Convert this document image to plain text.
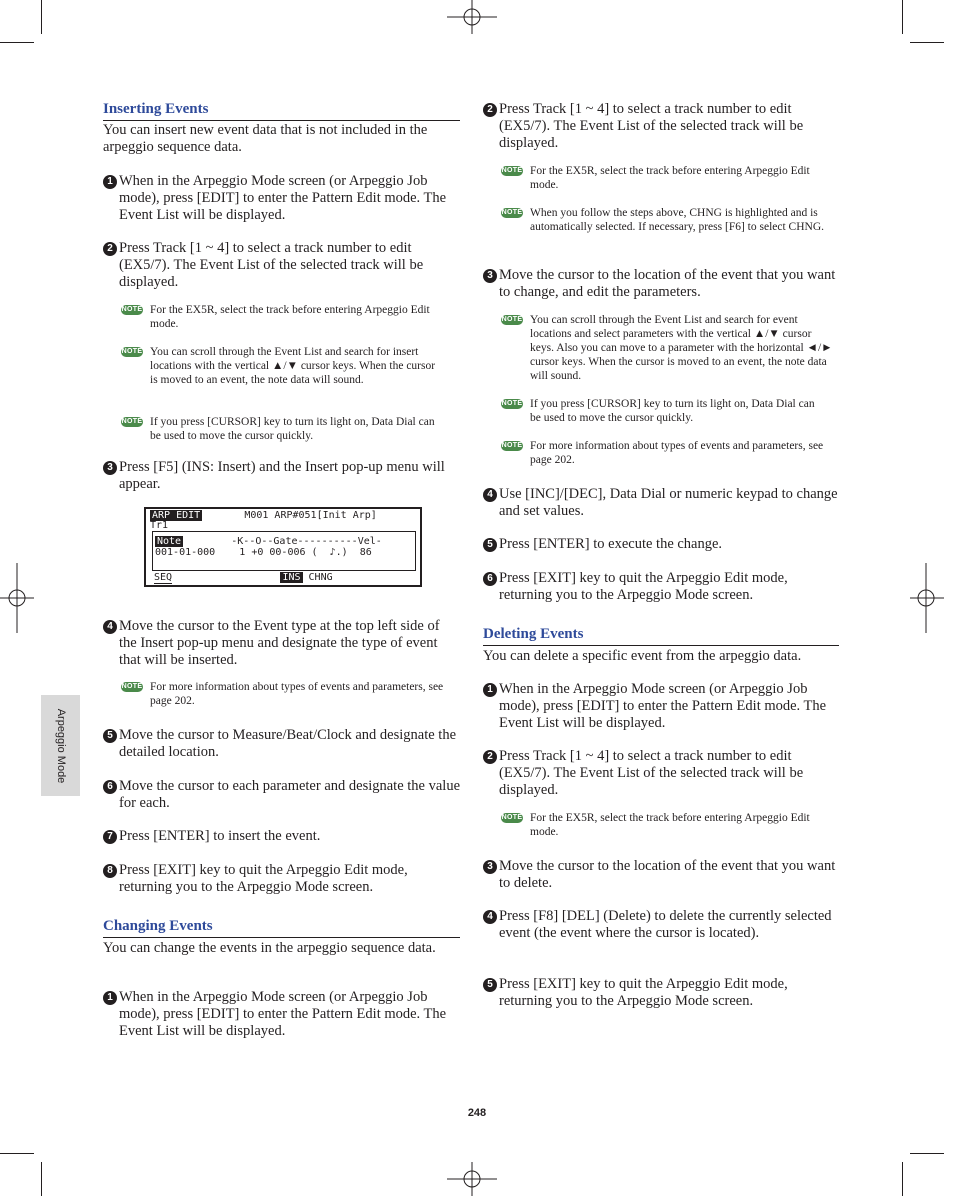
Arpeggio Mode
Inserting Events
You can insert new event data that is not included in the arpeggio sequence data.
1 When in the Arpeggio Mode screen (or Arpeggio Job mode), press [EDIT] to enter the Pattern Edit mode. The Event List will be displayed.
2 Press Track [1 ~ 4] to select a track number to edit (EX5/7). The Event List of the selected track will be displayed.
NOTE For the EX5R, select the track before entering Arpeggio Edit mode.
NOTE You can scroll through the Event List and search for insert locations with the vertical ▲/▼ cursor keys. When the cursor is moved to an event, the note data will sound.
NOTE If you press [CURSOR] key to turn its light on, Data Dial can be used to move the cursor quickly.
3 Press [F5] (INS: Insert) and the Insert pop-up menu will appear.
4 Move the cursor to the Event type at the top left side of the Insert pop-up menu and designate the type of event that will be inserted.
NOTE For more information about types of events and parameters, see page 202.
5 Move the cursor to Measure/Beat/Clock and designate the detailed location.
6 Move the cursor to each parameter and designate the value for each.
7 Press [ENTER] to insert the event.
8 Press [EXIT] key to quit the Arpeggio Edit mode, returning you to the Arpeggio Mode screen.
Changing Events
You can change the events in the arpeggio sequence data.
1 When in the Arpeggio Mode screen (or Arpeggio Job mode), press [EDIT] to enter the Pattern Edit mode. The Event List will be displayed.
ARP EDIT	M001 ARP#051[Init Arp]
Tr1
Note	-K--O--Gate----------Vel-
001-01-000    1 +0 00-006 (  ♪.)  86
SEQ	INS CHNG
2 Press Track [1 ~ 4] to select a track number to edit (EX5/7). The Event List of the selected track will be displayed.
NOTE For the EX5R, select the track before entering Arpeggio Edit mode.
NOTE When you follow the steps above, CHNG is highlighted and is automatically selected. If necessary, press [F6] to select CHNG.
3 Move the cursor to the location of the event that you want to change, and edit the parameters.
NOTE You can scroll through the Event List and search for event locations and select parameters with the vertical ▲/▼ cursor keys. Also you can move to a parameter with the horizontal ◄/► cursor keys. When the cursor is moved to an event, the note data will sound.
NOTE If you press [CURSOR] key to turn its light on, Data Dial can be used to move the cursor quickly.
NOTE For more information about types of events and parameters, see page 202.
4 Use [INC]/[DEC], Data Dial or numeric keypad to change and set values.
5 Press [ENTER] to execute the change.
6 Press [EXIT] key to quit the Arpeggio Edit mode, returning you to the Arpeggio Mode screen.
Deleting Events
You can delete a specific event from the arpeggio data.
1 When in the Arpeggio Mode screen (or Arpeggio Job mode), press [EDIT] to enter the Pattern Edit mode. The Event List will be displayed.
2 Press Track [1 ~ 4] to select a track number to edit (EX5/7). The Event List of the selected track will be displayed.
NOTE For the EX5R, select the track before entering Arpeggio Edit mode.
3 Move the cursor to the location of the event that you want to delete.
4 Press [F8] [DEL] (Delete) to delete the currently selected event (the event where the cursor is located).
5 Press [EXIT] key to quit the Arpeggio Edit mode, returning you to the Arpeggio Mode screen.
248
